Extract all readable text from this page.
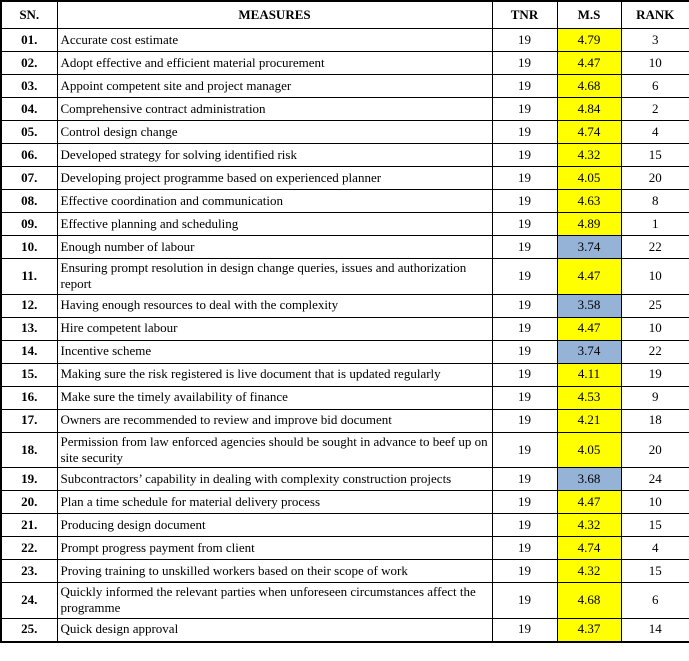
SN.	MEASURES	TNR	M.S	RANK
01.	Accurate cost estimate	19	4.79	3
02.	Adopt effective and efficient material procurement	19	4.47	10
03.	Appoint competent site and project manager	19	4.68	6
04.	Comprehensive contract administration	19	4.84	2
05.	Control design change	19	4.74	4
06.	Developed strategy for solving identified risk	19	4.32	15
07.	Developing project programme based on experienced planner	19	4.05	20
08.	Effective coordination and communication	19	4.63	8
09.	Effective planning and scheduling	19	4.89	1
10.	Enough number of labour	19	3.74	22
11.	Ensuring prompt resolution in design change queries, issues and authorization report	19	4.47	10
12.	Having enough resources to deal with the complexity	19	3.58	25
13.	Hire competent labour	19	4.47	10
14.	Incentive scheme	19	3.74	22
15.	Making sure the risk registered is live document that is updated regularly	19	4.11	19
16.	Make sure the timely availability of finance	19	4.53	9
17.	Owners are recommended to review and improve bid document	19	4.21	18
18.	Permission from law enforced agencies should be sought in advance to beef up on site security	19	4.05	20
19.	Subcontractors’ capability in dealing with complexity construction projects	19	3.68	24
20.	Plan a time schedule for material delivery process	19	4.47	10
21.	Producing design document	19	4.32	15
22.	Prompt progress payment from client	19	4.74	4
23.	Proving training to unskilled workers based on their scope of work	19	4.32	15
24.	Quickly informed the relevant parties when unforeseen circumstances affect the programme	19	4.68	6
25.	Quick design approval	19	4.37	14
